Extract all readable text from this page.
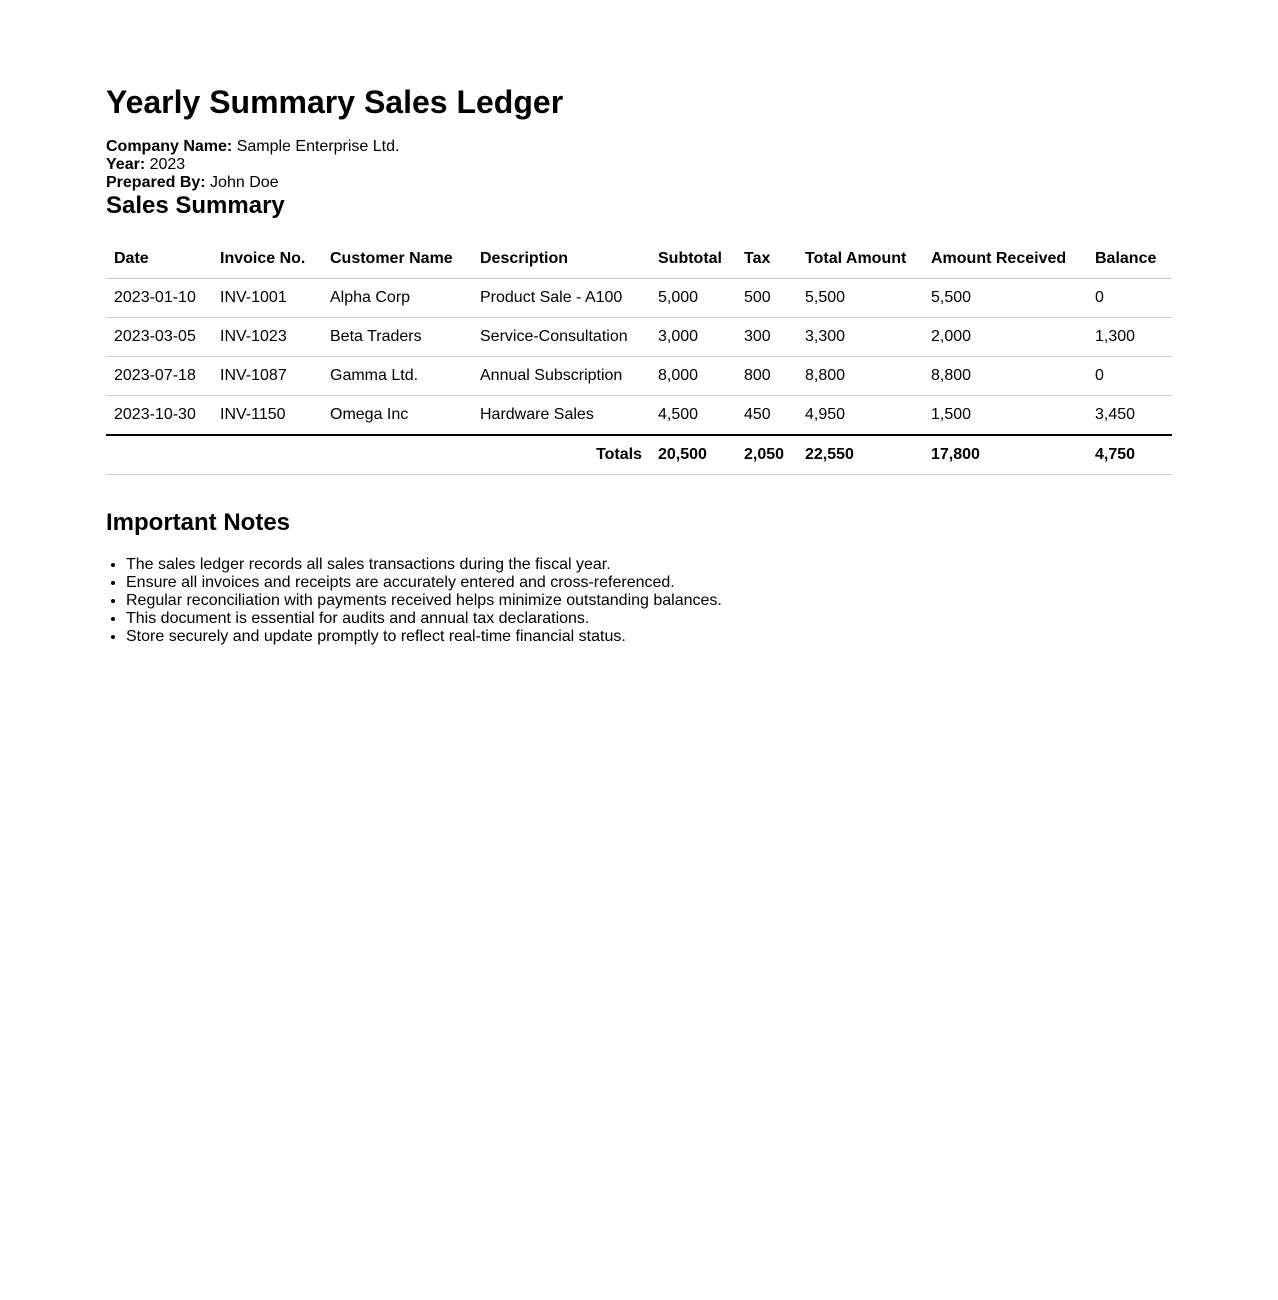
Yearly Summary Sales Ledger
Company Name: Sample Enterprise Ltd.
Year: 2023
Prepared By: John Doe
Sales Summary
Date	Invoice No.	Customer Name	Description	Subtotal	Tax	Total Amount	Amount Received	Balance
2023-01-10	INV-1001	Alpha Corp	Product Sale - A100	5,000	500	5,500	5,500	0
2023-03-05	INV-1023	Beta Traders	Service-Consultation	3,000	300	3,300	2,000	1,300
2023-07-18	INV-1087	Gamma Ltd.	Annual Subscription	8,000	800	8,800	8,800	0
2023-10-30	INV-1150	Omega Inc	Hardware Sales	4,500	450	4,950	1,500	3,450
Totals				20,500	2,050	22,550	17,800	4,750
Important Notes
• The sales ledger records all sales transactions during the fiscal year.
• Ensure all invoices and receipts are accurately entered and cross-referenced.
• Regular reconciliation with payments received helps minimize outstanding balances.
• This document is essential for audits and annual tax declarations.
• Store securely and update promptly to reflect real-time financial status.
